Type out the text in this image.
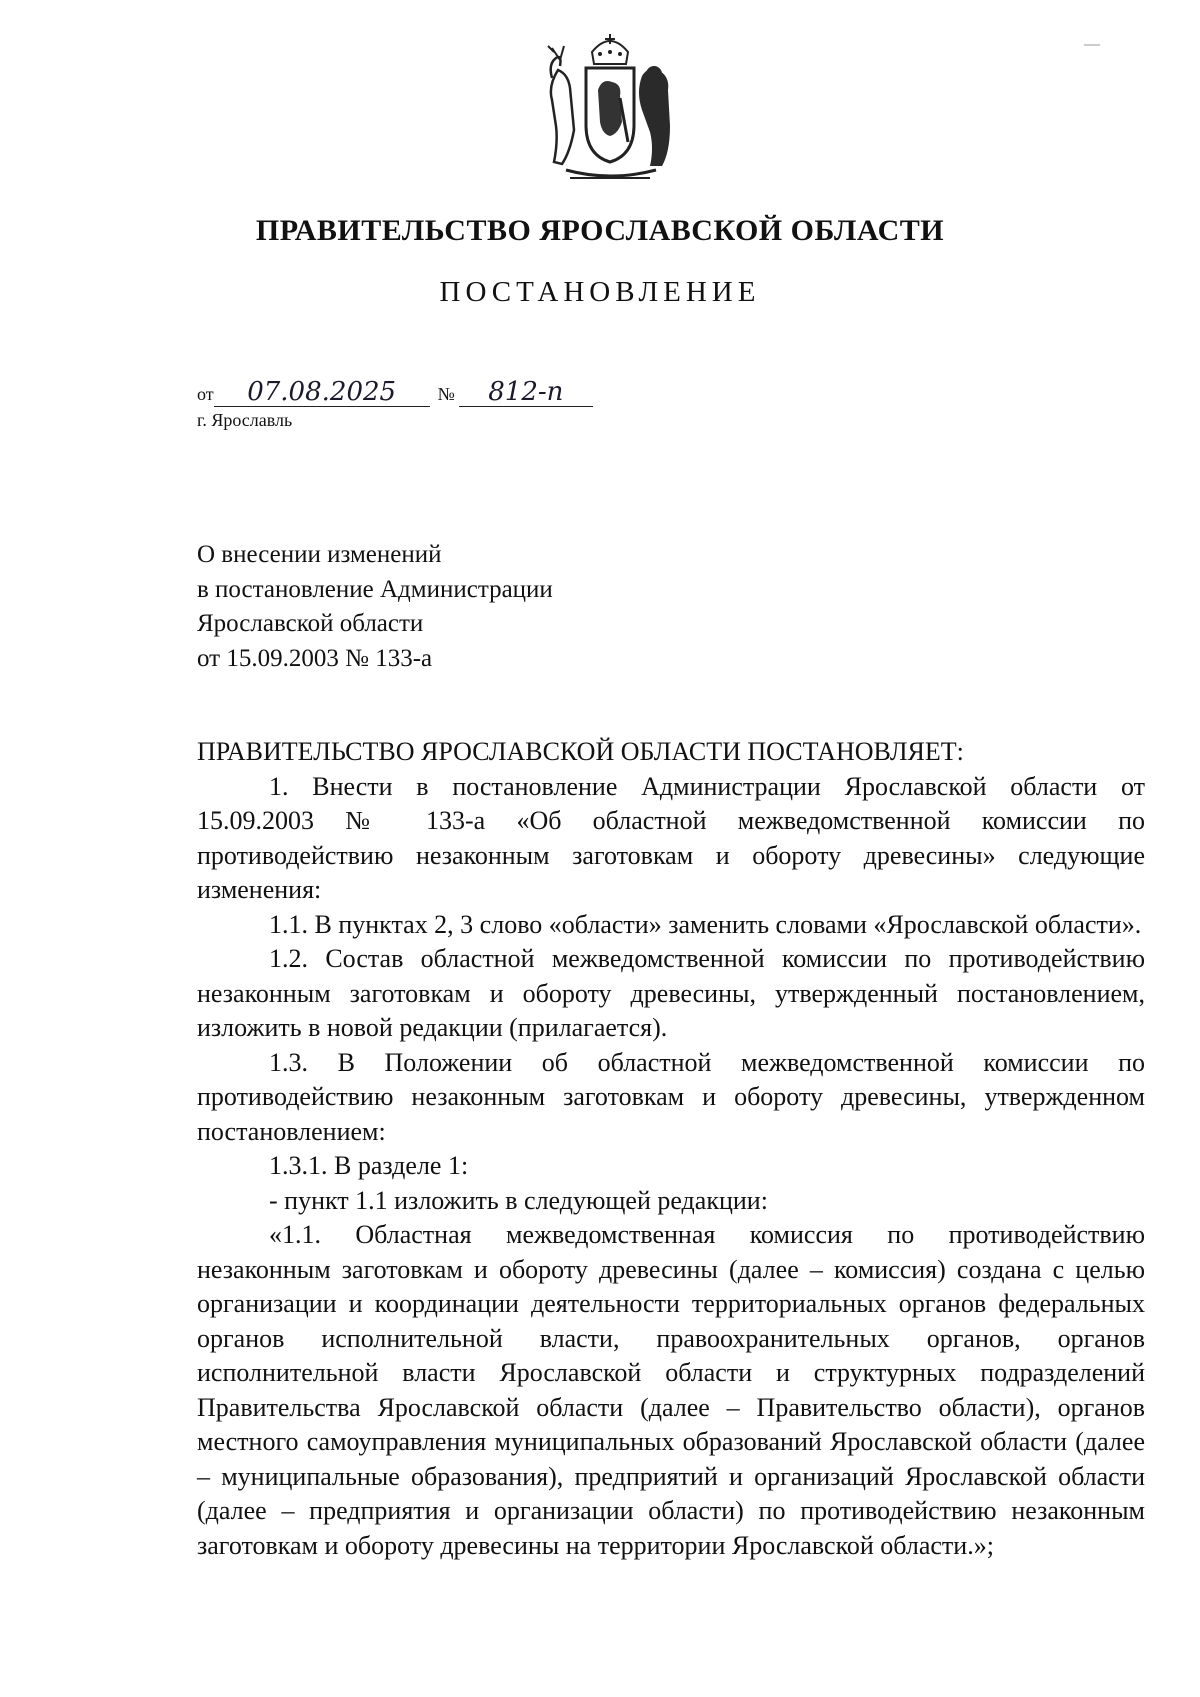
ПРАВИТЕЛЬСТВО ЯРОСЛАВСКОЙ ОБЛАСТИ
ПОСТАНОВЛЕНИЕ
от	07.08.2025	№	812-п
г. Ярославль
О внесении изменений
в постановление Администрации
Ярославской области
от 15.09.2003 № 133-а

ПРАВИТЕЛЬСТВО ЯРОСЛАВСКОЙ ОБЛАСТИ ПОСТАНОВЛЯЕТ:

1. Внести в постановление Администрации Ярославской области от 15.09.2003 № 133-а «Об областной межведомственной комиссии по противодействию незаконным заготовкам и обороту древесины» следующие изменения:

1.1. В пунктах 2, 3 слово «области» заменить словами «Ярославской области».

1.2. Состав областной межведомственной комиссии по противодействию незаконным заготовкам и обороту древесины, утвержденный постановлением, изложить в новой редакции (прилагается).

1.3. В Положении об областной межведомственной комиссии по противодействию незаконным заготовкам и обороту древесины, утвержденном постановлением:

1.3.1. В разделе 1:

- пункт 1.1 изложить в следующей редакции:

«1.1. Областная межведомственная комиссия по противодействию незаконным заготовкам и обороту древесины (далее – комиссия) создана с целью организации и координации деятельности территориальных органов федеральных органов исполнительной власти, правоохранительных органов, органов исполнительной власти Ярославской области и структурных подразделений Правительства Ярославской области (далее – Правительство области), органов местного самоуправления муниципальных образований Ярославской области (далее – муниципальные образования), предприятий и организаций Ярославской области (далее – предприятия и организации области) по противодействию незаконным заготовкам и обороту древесины на территории Ярославской области.»;
